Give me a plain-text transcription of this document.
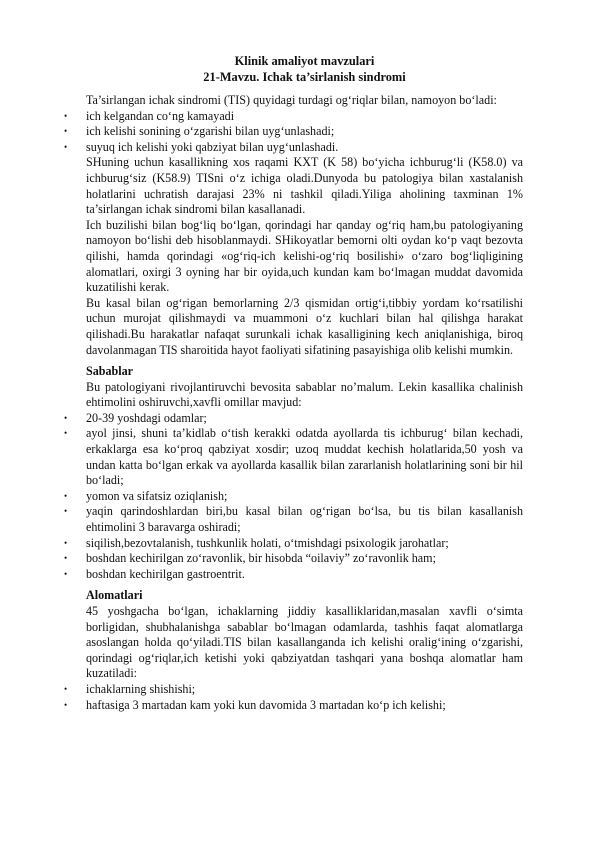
Klinik amaliyot mavzulari
21-Mavzu. Ichak ta’sirlanish sindromi

Ta’sirlangan ichak sindromi (TIS) quyidagi turdagi og‘riqlar bilan, namoyon bo‘ladi:

• ich kelgandan co‘ng kamayadi
• ich kelishi sonining o‘zgarishi bilan uyg‘unlashadi;
• suyuq ich kelishi yoki qabziyat bilan uyg‘unlashadi.

SHuning uchun kasallikning xos raqami KXT (K 58) bo‘yicha ichburug‘li (K58.0) va ichburug‘siz (K58.9) TISni o‘z ichiga oladi.Dunyoda bu patologiya bilan xastalanish holatlarini uchratish darajasi 23% ni tashkil qiladi.Yiliga aholining taxminan 1% ta’sirlangan ichak sindromi bilan kasallanadi.

Ich buzilishi bilan bog‘liq bo‘lgan, qorindagi har qanday og‘riq ham,bu patologiyaning namoyon bo‘lishi deb hisoblanmaydi. SHikoyatlar bemorni olti oydan ko‘p vaqt bezovta qilishi, hamda qorindagi «og‘riq-ich kelishi-og‘riq bosilishi» o‘zaro bog‘liqligining alomatlari, oxirgi 3 oyning har bir oyida,uch kundan kam bo‘lmagan muddat davomida kuzatilishi kerak.

Bu kasal bilan og‘rigan bemorlarning 2/3 qismidan ortig‘i,tibbiy yordam ko‘rsatilishi uchun murojat qilishmaydi va muammoni o‘z kuchlari bilan hal qilishga harakat qilishadi.Bu harakatlar nafaqat surunkali ichak kasalligining kech aniqlanishiga, biroq davolanmagan TIS sharoitida hayot faoliyati sifatining pasayishiga olib kelishi mumkin.

Sabablar

Bu patologiyani rivojlantiruvchi bevosita sabablar no’malum. Lekin kasallika chalinish ehtimolini oshiruvchi,xavfli omillar mavjud:

• 20-39 yoshdagi odamlar;
• ayol jinsi, shuni ta’kidlab o‘tish kerakki odatda ayollarda tis ichburug‘ bilan kechadi, erkaklarga esa ko‘proq qabziyat xosdir; uzoq muddat kechish holatlarida,50 yosh va undan katta bo‘lgan erkak va ayollarda kasallik bilan zararlanish holatlarining soni bir hil bo‘ladi;
• yomon va sifatsiz oziqlanish;
• yaqin qarindoshlardan biri,bu kasal bilan og‘rigan bo‘lsa, bu tis bilan kasallanish ehtimolini 3 baravarga oshiradi;
• siqilish,bezovtalanish, tushkunlik holati, o‘tmishdagi psixologik jarohatlar;
• boshdan kechirilgan zo‘ravonlik, bir hisobda “oilaviy” zo‘ravonlik ham;
• boshdan kechirilgan gastroentrit.
Alomatlari

45 yoshgacha bo‘lgan, ichaklarning jiddiy kasalliklaridan,masalan xavfli o‘simta borligidan, shubhalanishga sabablar bo‘lmagan odamlarda, tashhis faqat alomatlarga asoslangan holda qo‘yiladi.TIS bilan kasallanganda ich kelishi oralig‘ining o‘zgarishi, qorindagi og‘riqlar,ich ketishi yoki qabziyatdan tashqari yana boshqa alomatlar ham kuzatiladi:

• ichaklarning shishishi;
• haftasiga 3 martadan kam yoki kun davomida 3 martadan ko‘p ich kelishi;
